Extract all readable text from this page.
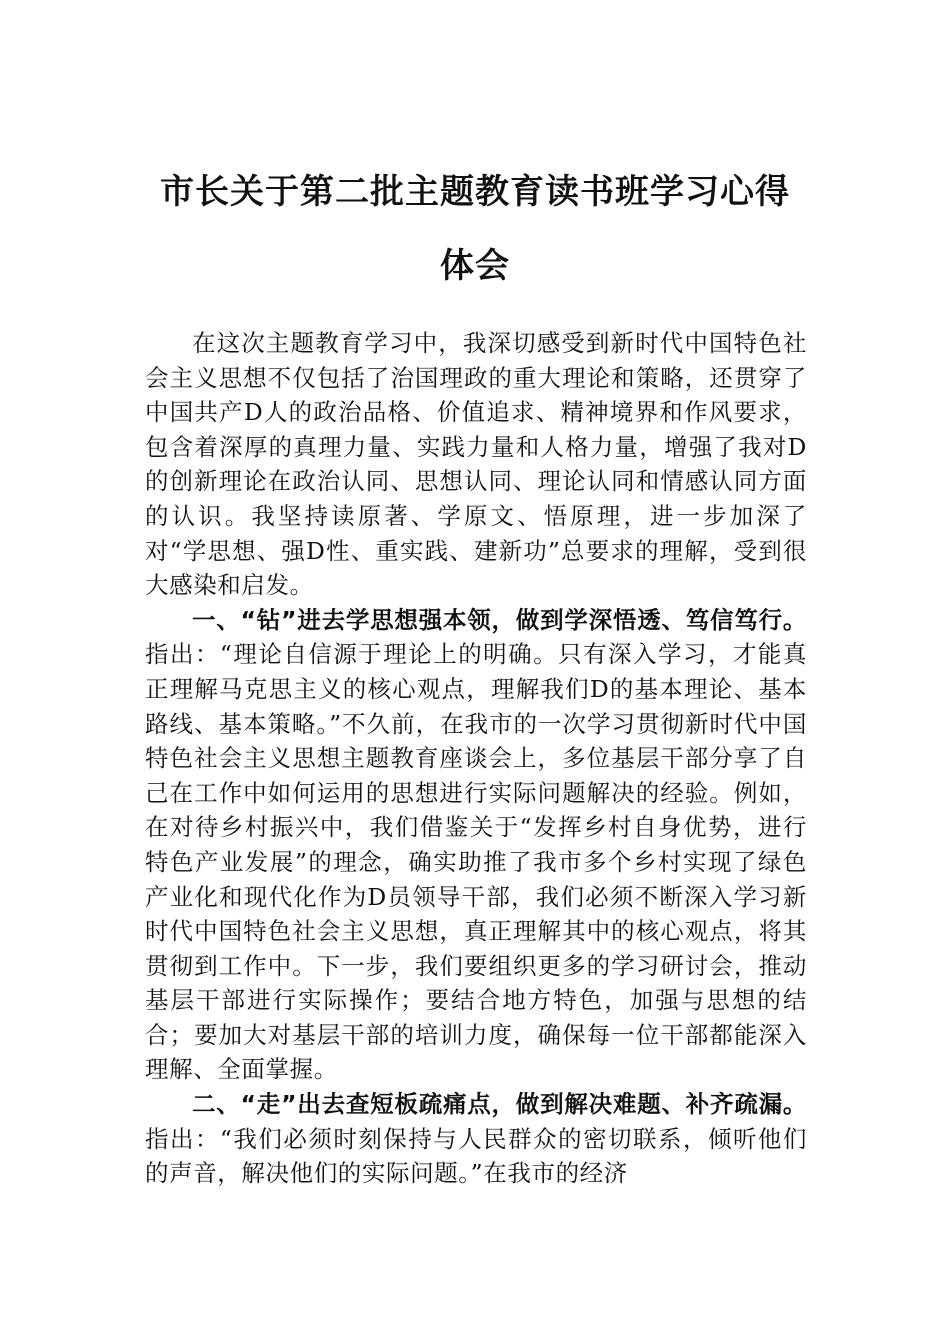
市长关于第二批主题教育读书班学习心得
体会

在这次主题教育学习中，我深切感受到新时代中国特色社会主义思想不仅包括了治国理政的重大理论和策略，还贯穿了中国共产D人的政治品格、价值追求、精神境界和作风要求，包含着深厚的真理力量、实践力量和人格力量，增强了我对D的创新理论在政治认同、思想认同、理论认同和情感认同方面的认识。我坚持读原著、学原文、悟原理，进一步加深了对“学思想、强D性、重实践、建新功”总要求的理解，受到很大感染和启发。

一、“钻”进去学思想强本领，做到学深悟透、笃信笃行。指出：“理论自信源于理论上的明确。只有深入学习，才能真正理解马克思主义的核心观点，理解我们D的基本理论、基本路线、基本策略。”不久前，在我市的一次学习贯彻新时代中国特色社会主义思想主题教育座谈会上，多位基层干部分享了自己在工作中如何运用的思想进行实际问题解决的经验。例如，在对待乡村振兴中，我们借鉴关于“发挥乡村自身优势，进行特色产业发展”的理念，确实助推了我市多个乡村实现了绿色产业化和现代化作为D员领导干部，我们必须不断深入学习新时代中国特色社会主义思想，真正理解其中的核心观点，将其贯彻到工作中。下一步，我们要组织更多的学习研讨会，推动基层干部进行实际操作；要结合地方特色，加强与思想的结合；要加大对基层干部的培训力度，确保每一位干部都能深入理解、全面掌握。

二、“走”出去查短板疏痛点，做到解决难题、补齐疏漏。指出：“我们必须时刻保持与人民群众的密切联系，倾听他们的声音，解决他们的实际问题。”在我市的经济
